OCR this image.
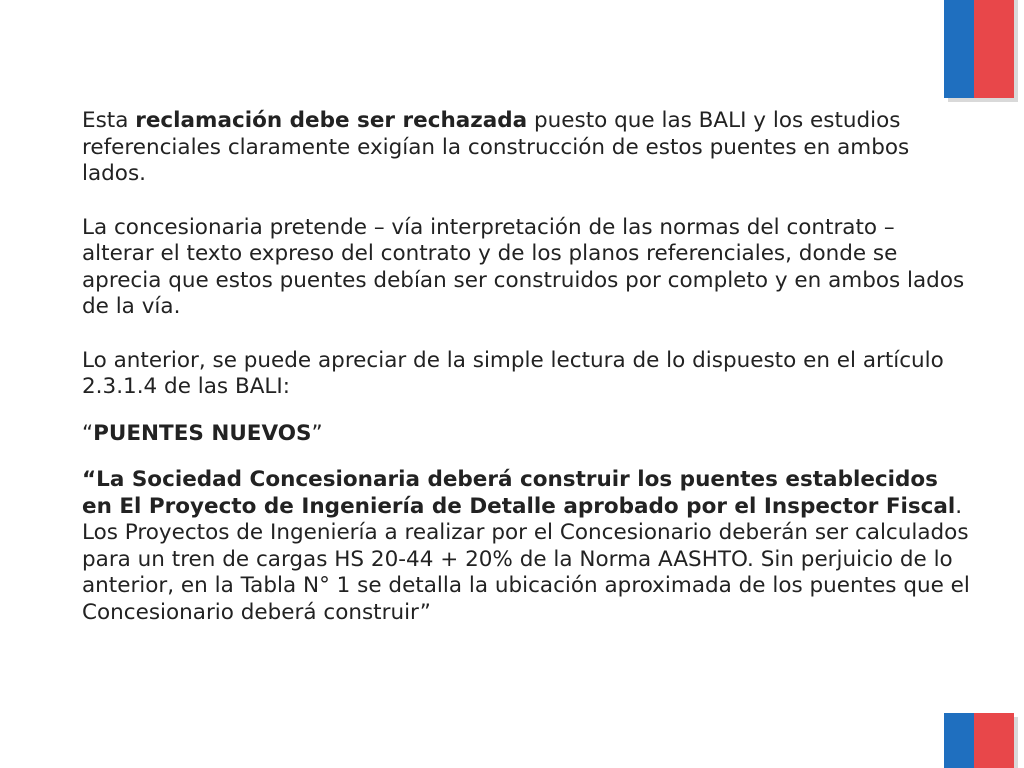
Esta reclamación debe ser rechazada puesto que las BALI y los estudios referenciales claramente exigían la construcción de estos puentes en ambos lados.

La concesionaria pretende – vía interpretación de las normas del contrato – alterar el texto expreso del contrato y de los planos referenciales, donde se aprecia que estos puentes debían ser construidos por completo y en ambos lados de la vía.

Lo anterior, se puede apreciar de la simple lectura de lo dispuesto en el artículo 2.3.1.4 de las BALI:

“PUENTES NUEVOS”

“La Sociedad Concesionaria deberá construir los puentes establecidos en El Proyecto de Ingeniería de Detalle aprobado por el Inspector Fiscal. Los Proyectos de Ingeniería a realizar por el Concesionario deberán ser calculados para un tren de cargas HS 20-44 + 20% de la Norma AASHTO. Sin perjuicio de lo anterior, en la Tabla N° 1 se detalla la ubicación aproximada de los puentes que el Concesionario deberá construir”
